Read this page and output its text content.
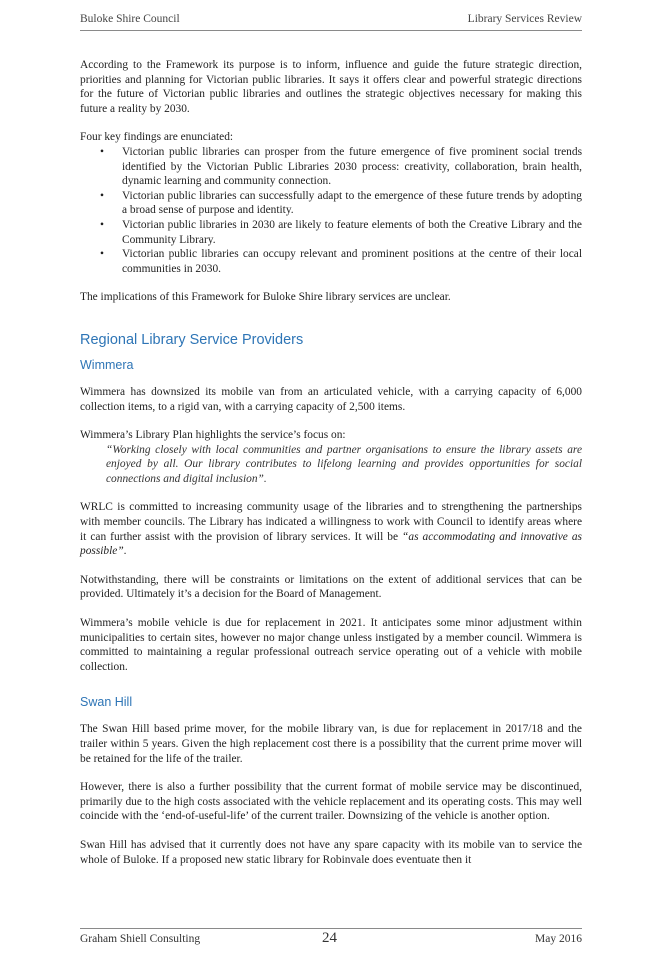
Buloke Shire Council	Library Services Review

According to the Framework its purpose is to inform, influence and guide the future strategic direction, priorities and planning for Victorian public libraries. It says it offers clear and powerful strategic directions for the future of Victorian public libraries and outlines the strategic objectives necessary for making this future a reality by 2030.

Four key findings are enunciated:

• Victorian public libraries can prosper from the future emergence of five prominent social trends identified by the Victorian Public Libraries 2030 process: creativity, collaboration, brain health, dynamic learning and community connection.
• Victorian public libraries can successfully adapt to the emergence of these future trends by adopting a broad sense of purpose and identity.
• Victorian public libraries in 2030 are likely to feature elements of both the Creative Library and the Community Library.
• Victorian public libraries can occupy relevant and prominent positions at the centre of their local communities in 2030.

The implications of this Framework for Buloke Shire library services are unclear.

Regional Library Service Providers
Wimmera

Wimmera has downsized its mobile van from an articulated vehicle, with a carrying capacity of 6,000 collection items, to a rigid van, with a carrying capacity of 2,500 items.

Wimmera’s Library Plan highlights the service’s focus on:

“Working closely with local communities and partner organisations to ensure the library assets are enjoyed by all. Our library contributes to lifelong learning and provides opportunities for social connections and digital inclusion”.

WRLC is committed to increasing community usage of the libraries and to strengthening the partnerships with member councils. The Library has indicated a willingness to work with Council to identify areas where it can further assist with the provision of library services. It will be “as accommodating and innovative as possible”.

Notwithstanding, there will be constraints or limitations on the extent of additional services that can be provided. Ultimately it’s a decision for the Board of Management.

Wimmera’s mobile vehicle is due for replacement in 2021. It anticipates some minor adjustment within municipalities to certain sites, however no major change unless instigated by a member council. Wimmera is committed to maintaining a regular professional outreach service operating out of a vehicle with mobile collection.

Swan Hill

The Swan Hill based prime mover, for the mobile library van, is due for replacement in 2017/18 and the trailer within 5 years. Given the high replacement cost there is a possibility that the current prime mover will be retained for the life of the trailer.

However, there is also a further possibility that the current format of mobile service may be discontinued, primarily due to the high costs associated with the vehicle replacement and its operating costs. This may well coincide with the ‘end-of-useful-life’ of the current trailer. Downsizing of the vehicle is another option.

Swan Hill has advised that it currently does not have any spare capacity with its mobile van to service the whole of Buloke. If a proposed new static library for Robinvale does eventuate then it

Graham Shiell Consulting	24	May 2016
